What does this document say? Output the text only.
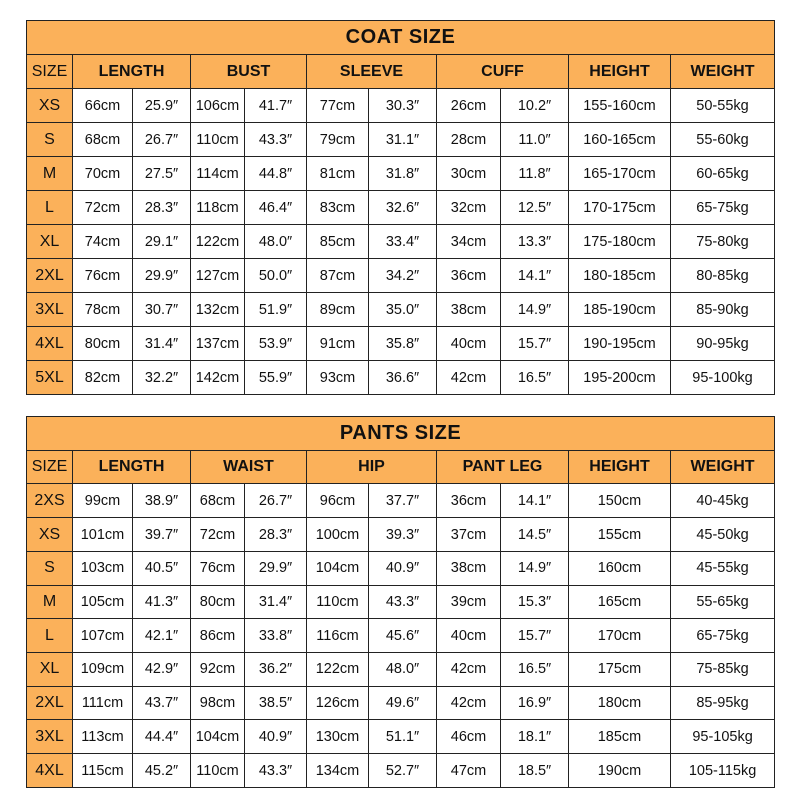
COAT SIZE										
SIZE	LENGTH		BUST		SLEEVE		CUFF		HEIGHT	WEIGHT
XS	66cm	25.9″	106cm	41.7″	77cm	30.3″	26cm	10.2″	155-160cm	50-55kg
S	68cm	26.7″	110cm	43.3″	79cm	31.1″	28cm	11.0″	160-165cm	55-60kg
M	70cm	27.5″	114cm	44.8″	81cm	31.8″	30cm	11.8″	165-170cm	60-65kg
L	72cm	28.3″	118cm	46.4″	83cm	32.6″	32cm	12.5″	170-175cm	65-75kg
XL	74cm	29.1″	122cm	48.0″	85cm	33.4″	34cm	13.3″	175-180cm	75-80kg
2XL	76cm	29.9″	127cm	50.0″	87cm	34.2″	36cm	14.1″	180-185cm	80-85kg
3XL	78cm	30.7″	132cm	51.9″	89cm	35.0″	38cm	14.9″	185-190cm	85-90kg
4XL	80cm	31.4″	137cm	53.9″	91cm	35.8″	40cm	15.7″	190-195cm	90-95kg
5XL	82cm	32.2″	142cm	55.9″	93cm	36.6″	42cm	16.5″	195-200cm	95-100kg
PANTS SIZE										
SIZE	LENGTH		WAIST		HIP		PANT LEG		HEIGHT	WEIGHT
2XS	99cm	38.9″	68cm	26.7″	96cm	37.7″	36cm	14.1″	150cm	40-45kg
XS	101cm	39.7″	72cm	28.3″	100cm	39.3″	37cm	14.5″	155cm	45-50kg
S	103cm	40.5″	76cm	29.9″	104cm	40.9″	38cm	14.9″	160cm	45-55kg
M	105cm	41.3″	80cm	31.4″	110cm	43.3″	39cm	15.3″	165cm	55-65kg
L	107cm	42.1″	86cm	33.8″	116cm	45.6″	40cm	15.7″	170cm	65-75kg
XL	109cm	42.9″	92cm	36.2″	122cm	48.0″	42cm	16.5″	175cm	75-85kg
2XL	111cm	43.7″	98cm	38.5″	126cm	49.6″	42cm	16.9″	180cm	85-95kg
3XL	113cm	44.4″	104cm	40.9″	130cm	51.1″	46cm	18.1″	185cm	95-105kg
4XL	115cm	45.2″	110cm	43.3″	134cm	52.7″	47cm	18.5″	190cm	105-115kg
